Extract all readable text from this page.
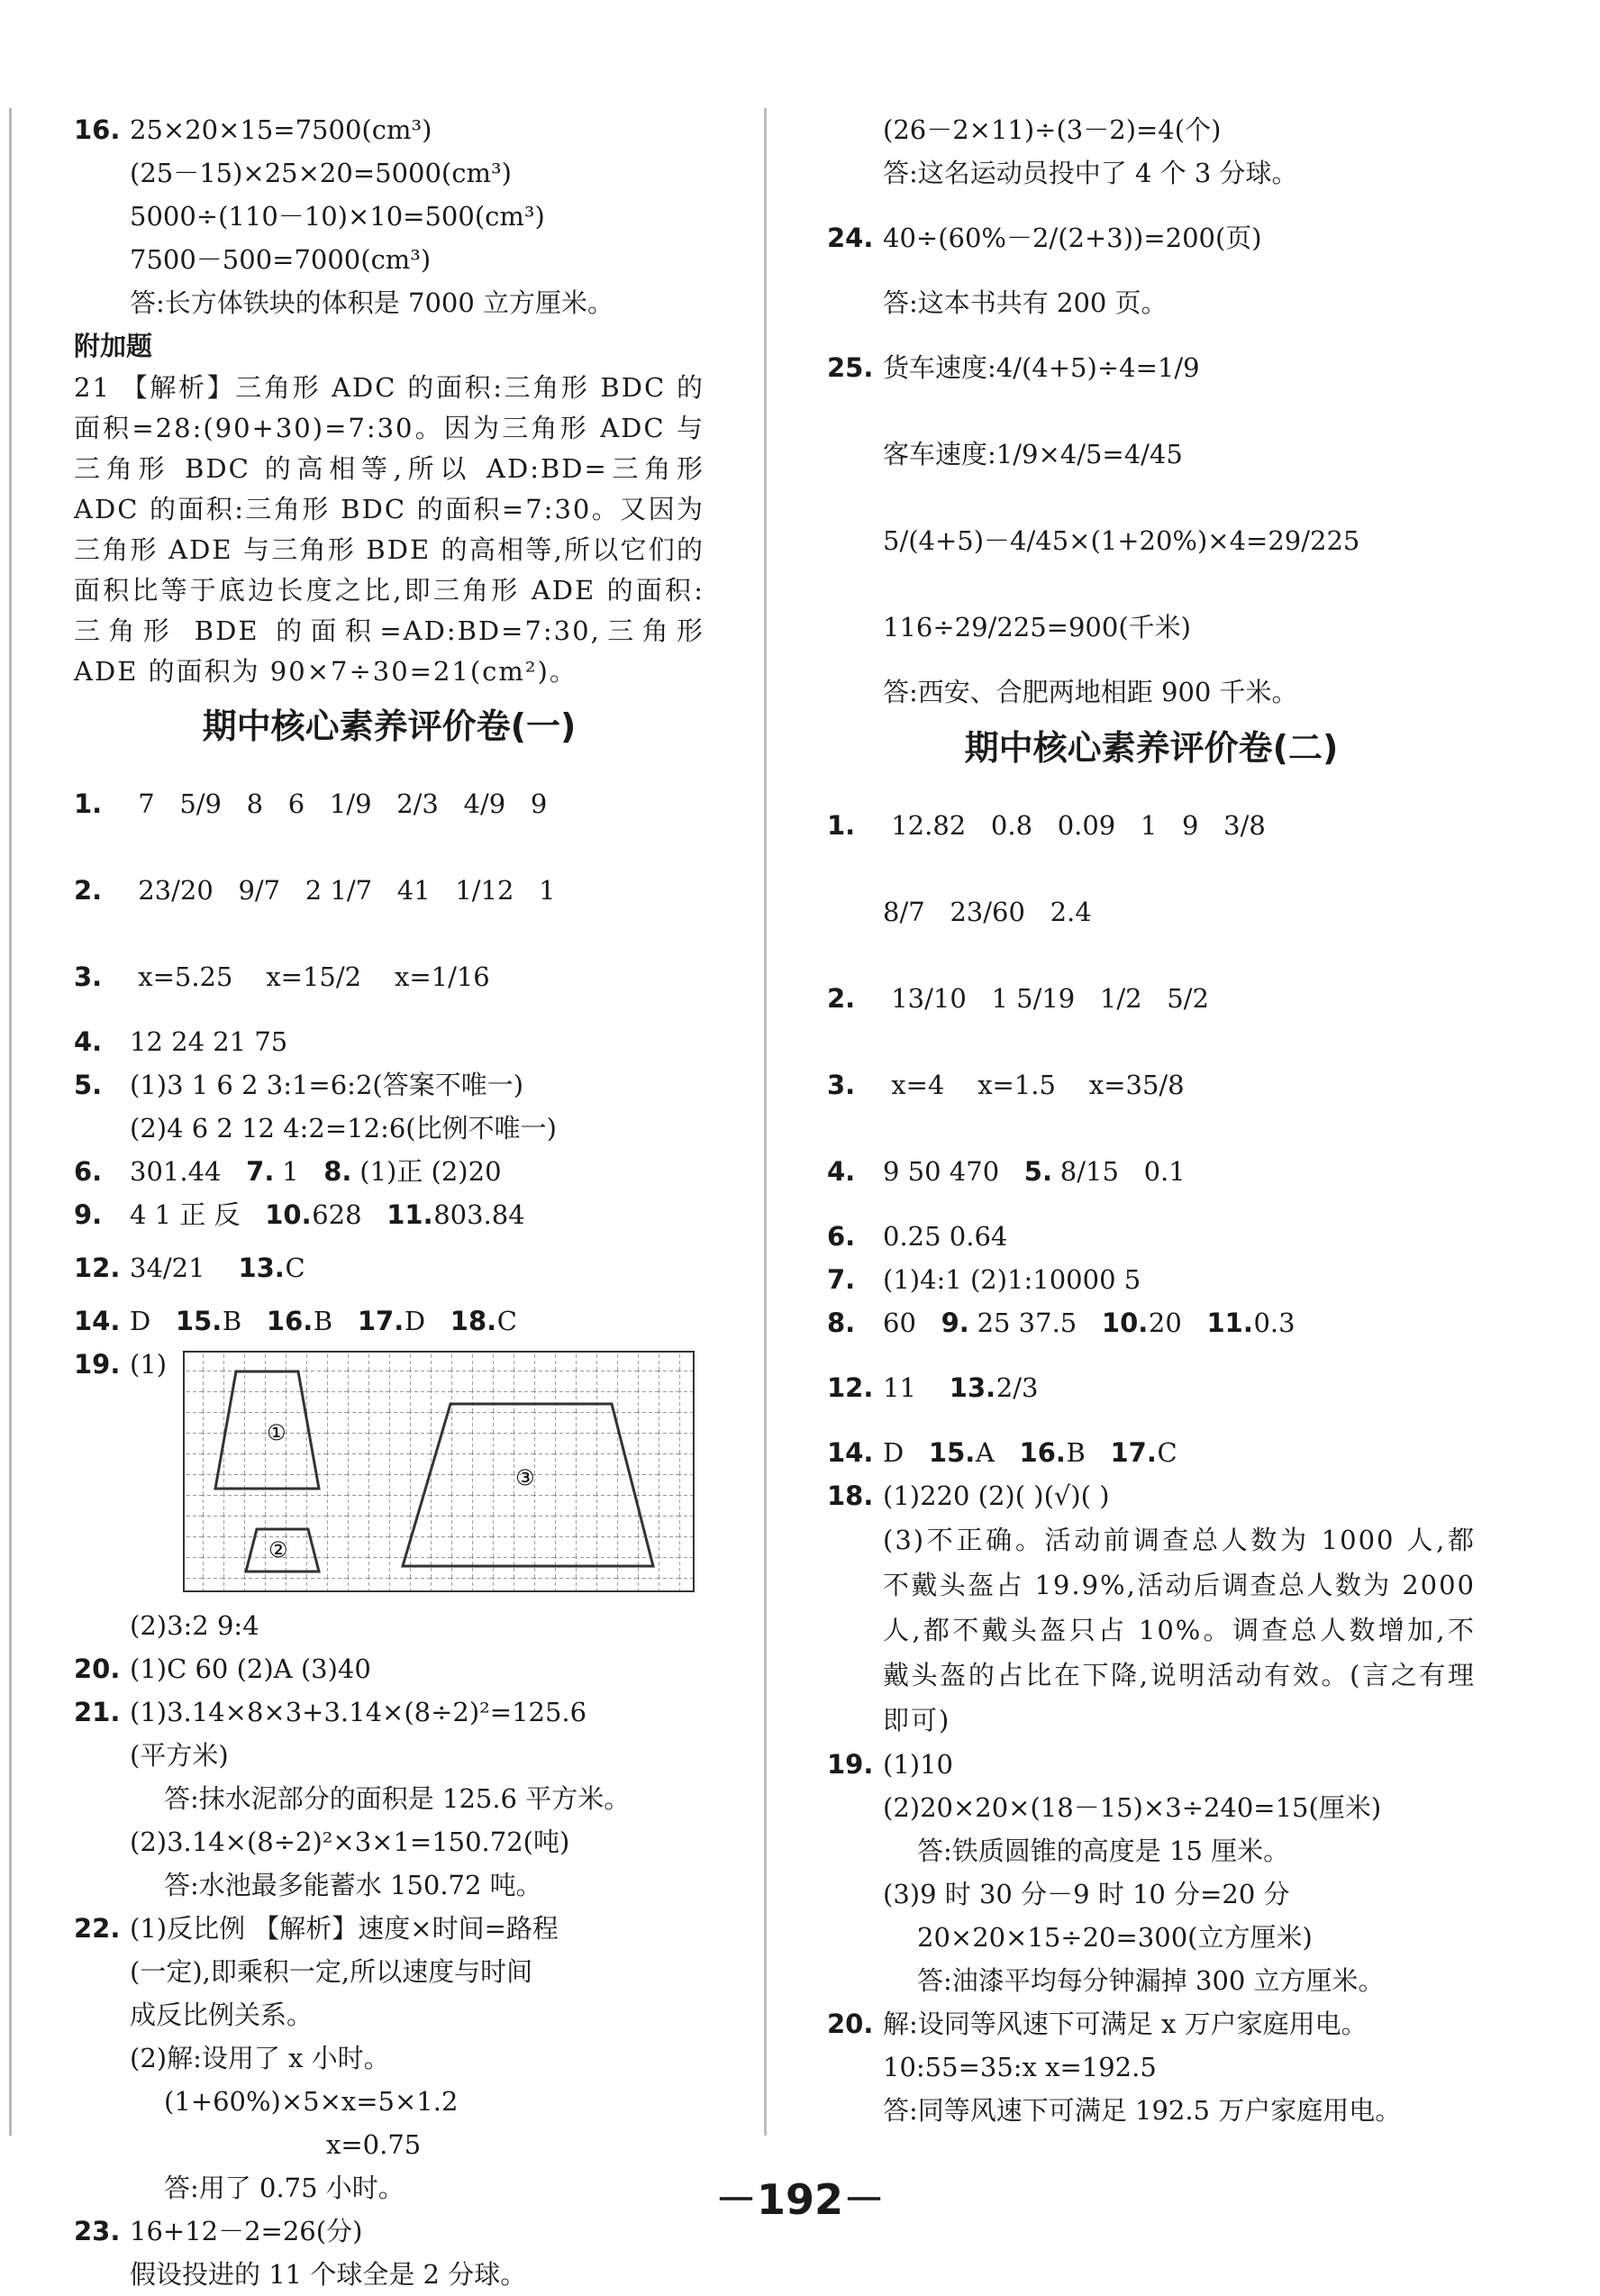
16. 25×20×15=7500(cm³)
(25－15)×25×20=5000(cm³)
5000÷(110－10)×10=500(cm³)
7500－500=7000(cm³)
答:长方体铁块的体积是 7000 立方厘米。
附加题
21 【解析】三角形 ADC 的面积:三角形 BDC 的面积=28:(90+30)=7:30。因为三角形 ADC 与三角形 BDC 的高相等,所以 AD:BD=三角形 ADC 的面积:三角形 BDC 的面积=7:30。又因为三角形 ADE 与三角形 BDE 的高相等,所以它们的面积比等于底边长度之比,即三角形 ADE 的面积:三角形 BDE 的面积=AD:BD=7:30,三角形 ADE 的面积为 90×7÷30=21(cm²)。
期中核心素养评价卷(一)
1. 7 5/9 8 6 1/9 2/3 4/9 9
2. 23/20 9/7 2 1/7 41 1/12 1
3. x=5.25 x=15/2 x=1/16
4. 12 24 21 75
5. (1)3 1 6 2 3:1=6:2(答案不唯一)
(2)4 6 2 12 4:2=12:6(比例不唯一)
6. 301.44 7. 1 8. (1)正 (2)20
9. 4 1 正 反 10.628 11.803.84
12. 34/21 13.C
14. D 15.B 16.B 17.D 18.C
19. (1)
①
②
③
(2)3:2 9:4
20. (1)C 60 (2)A (3)40
21. (1)3.14×8×3+3.14×(8÷2)²=125.6
(平方米)
答:抹水泥部分的面积是 125.6 平方米。
(2)3.14×(8÷2)²×3×1=150.72(吨)
答:水池最多能蓄水 150.72 吨。
22. (1)反比例 【解析】速度×时间=路程
(一定),即乘积一定,所以速度与时间
成反比例关系。
(2)解:设用了 x 小时。
(1+60%)×5×x=5×1.2
x=0.75
答:用了 0.75 小时。
23. 16+12－2=26(分)
假设投进的 11 个球全是 2 分球。
(26－2×11)÷(3－2)=4(个)
答:这名运动员投中了 4 个 3 分球。
24. 40÷(60%－2/(2+3))=200(页)
答:这本书共有 200 页。
25. 货车速度:4/(4+5)÷4=1/9
客车速度:1/9×4/5=4/45
5/(4+5)－4/45×(1+20%)×4=29/225
116÷29/225=900(千米)
答:西安、合肥两地相距 900 千米。
期中核心素养评价卷(二)
1. 12.82 0.8 0.09 1 9 3/8
8/7 23/60 2.4
2. 13/10 1 5/19 1/2 5/2
3. x=4 x=1.5 x=35/8
4. 9 50 470 5. 8/15 0.1
6. 0.25 0.64
7. (1)4:1 (2)1:10000 5
8. 60 9. 25 37.5 10.20 11.0.3
12. 11 13.2/3
14. D 15.A 16.B 17.C
18. (1)220 (2)( )(√)( )
(3)不正确。活动前调查总人数为 1000 人,都不戴头盔占 19.9%,活动后调查总人数为 2000 人,都不戴头盔只占 10%。调查总人数增加,不戴头盔的占比在下降,说明活动有效。(言之有理即可)
19. (1)10
(2)20×20×(18－15)×3÷240=15(厘米)
答:铁质圆锥的高度是 15 厘米。
(3)9 时 30 分－9 时 10 分=20 分
20×20×15÷20=300(立方厘米)
答:油漆平均每分钟漏掉 300 立方厘米。
20. 解:设同等风速下可满足 x 万户家庭用电。
10:55=35:x x=192.5
答:同等风速下可满足 192.5 万户家庭用电。
－192－
